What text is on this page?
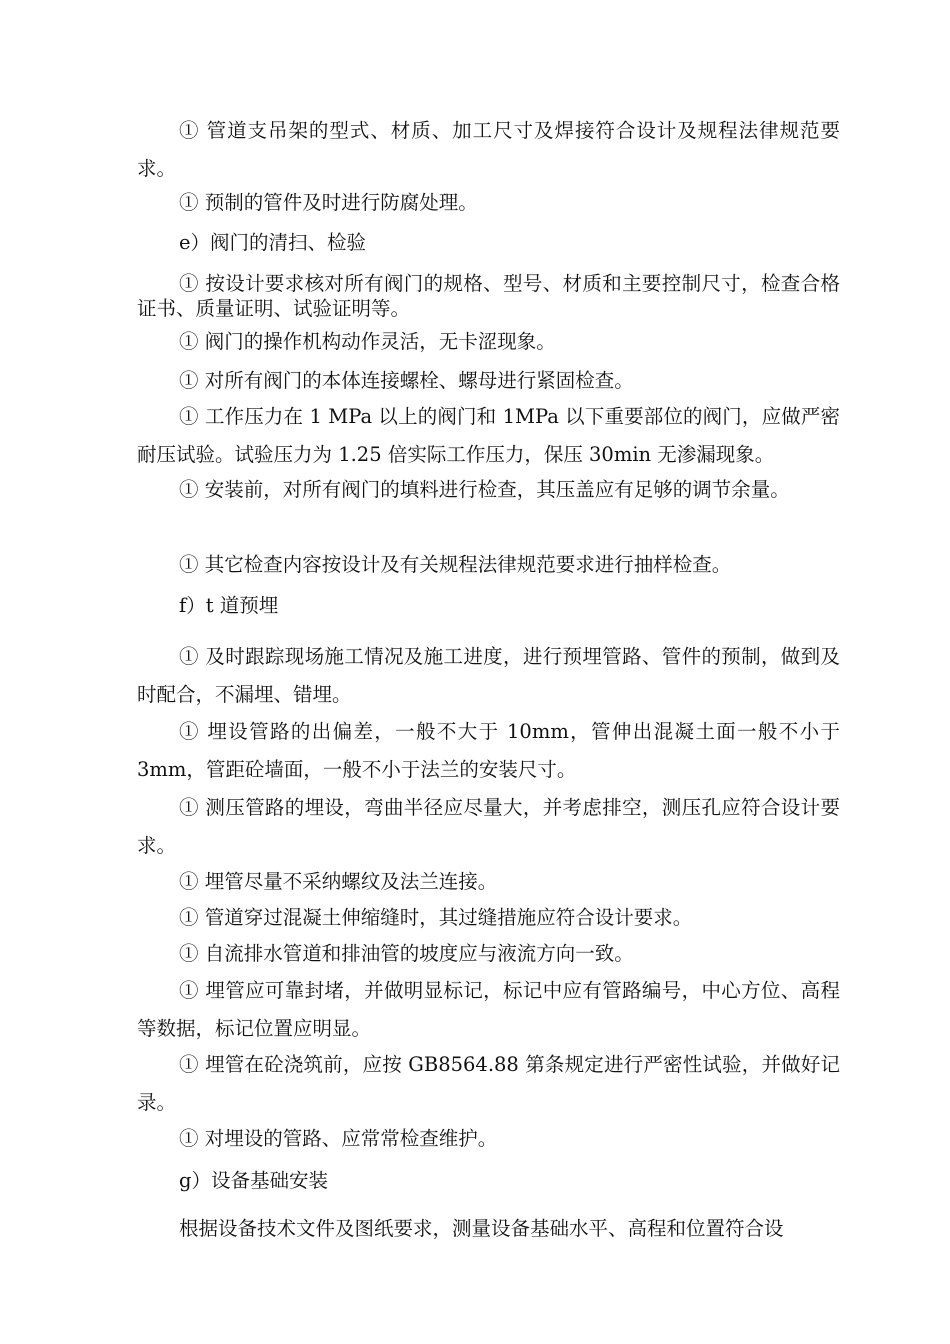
① 管道支吊架的型式、材质、加工尺寸及焊接符合设计及规程法律规范要求。

① 预制的管件及时进行防腐处理。

e）阀门的清扫、检验

① 按设计要求核对所有阀门的规格、型号、材质和主要控制尺寸，检查合格证书、质量证明、试验证明等。

① 阀门的操作机构动作灵活，无卡涩现象。

① 对所有阀门的本体连接螺栓、螺母进行紧固检查。

① 工作压力在 1 MPa 以上的阀门和 1MPa 以下重要部位的阀门，应做严密耐压试验。试验压力为 1.25 倍实际工作压力，保压 30min 无渗漏现象。

① 安装前，对所有阀门的填料进行检查，其压盖应有足够的调节余量。

① 其它检查内容按设计及有关规程法律规范要求进行抽样检查。

f）t 道预埋

① 及时跟踪现场施工情况及施工进度，进行预埋管路、管件的预制，做到及时配合，不漏埋、错埋。

① 埋设管路的出偏差，一般不大于 10mm，管伸出混凝土面一般不小于 3mm，管距砼墙面，一般不小于法兰的安装尺寸。

① 测压管路的埋设，弯曲半径应尽量大，并考虑排空，测压孔应符合设计要求。

① 埋管尽量不采纳螺纹及法兰连接。

① 管道穿过混凝土伸缩缝时，其过缝措施应符合设计要求。

① 自流排水管道和排油管的坡度应与液流方向一致。

① 埋管应可靠封堵，并做明显标记，标记中应有管路编号，中心方位、高程等数据，标记位置应明显。

① 埋管在砼浇筑前，应按 GB8564.88 第条规定进行严密性试验，并做好记录。

① 对埋设的管路、应常常检查维护。

g）设备基础安装

根据设备技术文件及图纸要求，测量设备基础水平、高程和位置符合设
